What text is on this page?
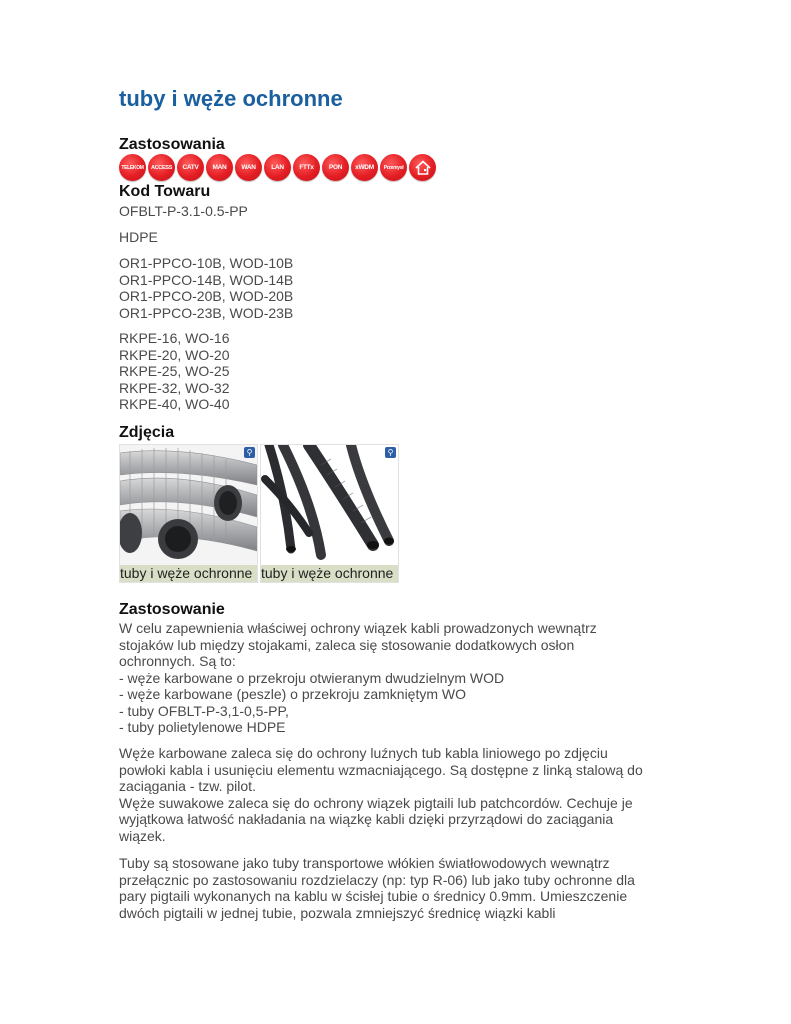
tuby i węże ochronne
Zastosowania
TELEKOM	ACCESS	CATV	MAN	WAN	LAN	FTTx	PON	xWDM	Przemysł
Kod Towaru
OFBLT-P-3.1-0.5-PP
HDPE
OR1-PPCO-10B, WOD-10B
OR1-PPCO-14B, WOD-14B
OR1-PPCO-20B, WOD-20B
OR1-PPCO-23B, WOD-23B
RKPE-16, WO-16
RKPE-20, WO-20
RKPE-25, WO-25
RKPE-32, WO-32
RKPE-40, WO-40
Zdjęcia
⚲
tuby i węże ochronne
⚲
tuby i węże ochronne
Zastosowanie
W celu zapewnienia właściwej ochrony wiązek kabli prowadzonych wewnątrz
stojaków lub między stojakami, zaleca się stosowanie dodatkowych osłon
ochronnych. Są to:
- węże karbowane o przekroju otwieranym dwudzielnym WOD
- węże karbowane (peszle) o przekroju zamkniętym WO
- tuby OFBLT-P-3,1-0,5-PP,
- tuby polietylenowe HDPE
Węże karbowane zaleca się do ochrony luźnych tub kabla liniowego po zdjęciu
powłoki kabla i usunięciu elementu wzmacniającego. Są dostępne z linką stalową do
zaciągania - tzw. pilot.
Węże suwakowe zaleca się do ochrony wiązek pigtaili lub patchcordów. Cechuje je
wyjątkowa łatwość nakładania na wiązkę kabli dzięki przyrządowi do zaciągania
wiązek.
Tuby są stosowane jako tuby transportowe włókien światłowodowych wewnątrz
przełącznic po zastosowaniu rozdzielaczy (np: typ R-06) lub jako tuby ochronne dla
pary pigtaili wykonanych na kablu w ścisłej tubie o średnicy 0.9mm. Umieszczenie
dwóch pigtaili w jednej tubie, pozwala zmniejszyć średnicę wiązki kabli
